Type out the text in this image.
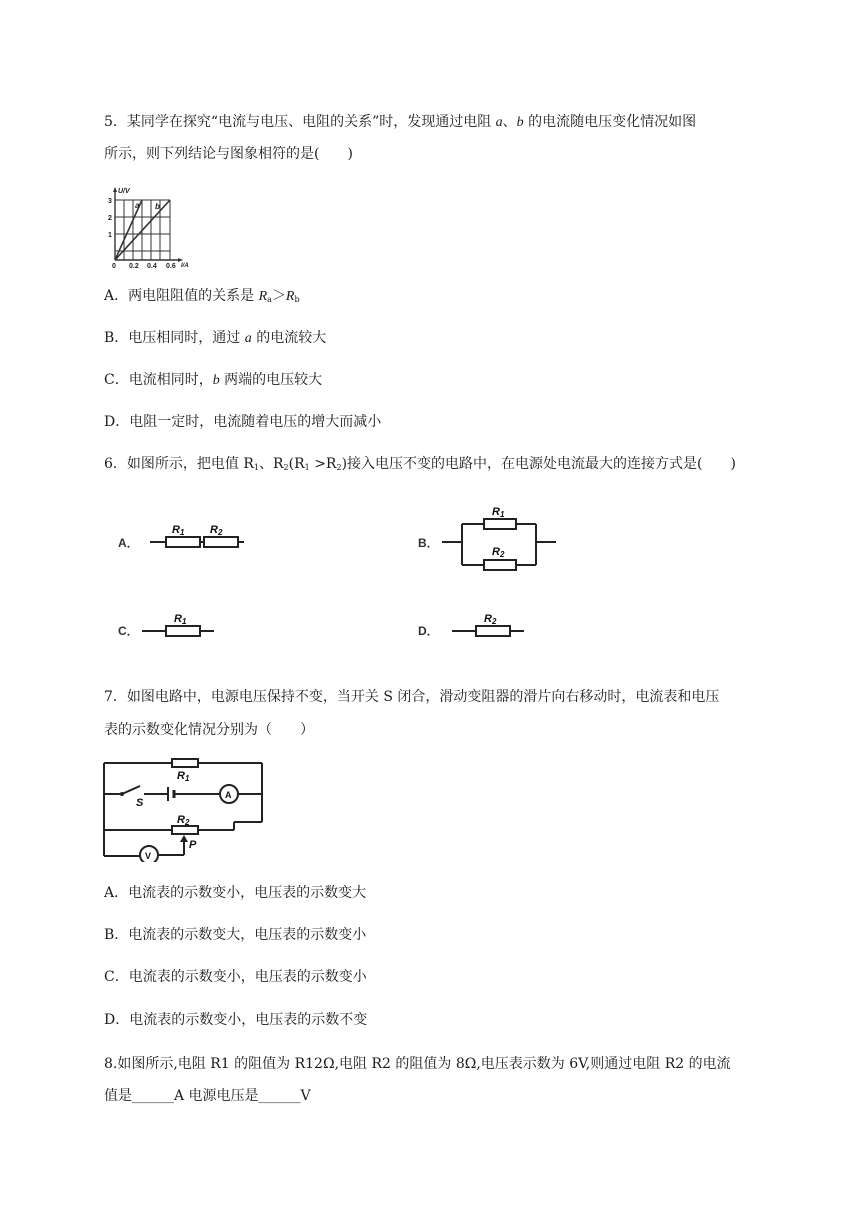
5．某同学在探究“电流与电压、电阻的关系”时，发现通过电阻 a、b 的电流随电压变化情况如图
所示，则下列结论与图象相符的是(　　)
U/V
I/A
3
2
1
0 0.2 0.4 0.6
a b
A．两电阻阻值的关系是 $R_a>R_b$
B．电压相同时，通过 a 的电流较大
C．电流相同时，b 两端的电压较大
D．电阻一定时，电流随着电压的增大而减小
6．如图所示，把电值 $R_1$、$R_2(R_1 >R_2)$接入电压不变的电路中，在电源处电流最大的连接方式是(　　)
A．
R1 R2
B．
R1
R2
C．
R1
D．
R2
7．如图电路中，电源电压保持不变，当开关 S 闭合，滑动变阻器的滑片向右移动时，电流表和电压
表的示数变化情况分别为（　　）
R1
R2
S
A
V
P
A．电流表的示数变小，电压表的示数变大
B．电流表的示数变大，电压表的示数变小
C．电流表的示数变小，电压表的示数变小
D．电流表的示数变小，电压表的示数不变
8.如图所示,电阻 R1 的阻值为 R12Ω,电阻 R2 的阻值为 8Ω,电压表示数为 6V,则通过电阻 R2 的电流
值是______A 电源电压是______V
